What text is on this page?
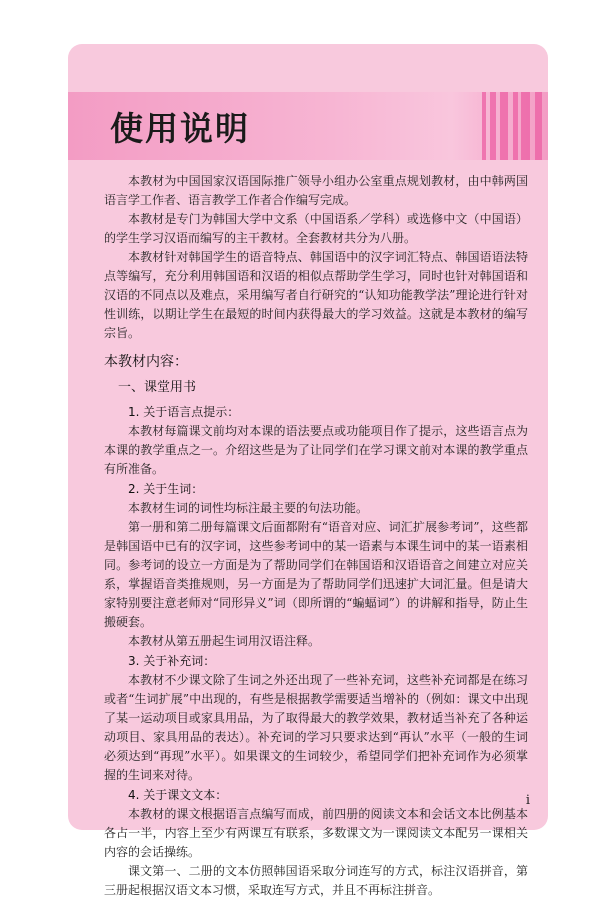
使用说明

本教材为中国国家汉语国际推广领导小组办公室重点规划教材，由中韩两国语言学工作者、语言教学工作者合作编写完成。

本教材是专门为韩国大学中文系（中国语系／学科）或选修中文（中国语）的学生学习汉语而编写的主干教材。全套教材共分为八册。

本教材针对韩国学生的语音特点、韩国语中的汉字词汇特点、韩国语语法特点等编写，充分利用韩国语和汉语的相似点帮助学生学习，同时也针对韩国语和汉语的不同点以及难点，采用编写者自行研究的“认知功能教学法”理论进行针对性训练，以期让学生在最短的时间内获得最大的学习效益。这就是本教材的编写宗旨。

本教材内容：
一、课堂用书
1. 关于语言点提示：

本教材每篇课文前均对本课的语法要点或功能项目作了提示，这些语言点为本课的教学重点之一。介绍这些是为了让同学们在学习课文前对本课的教学重点有所准备。

2. 关于生词：

本教材生词的词性均标注最主要的句法功能。

第一册和第二册每篇课文后面都附有“语音对应、词汇扩展参考词”，这些都是韩国语中已有的汉字词，这些参考词中的某一语素与本课生词中的某一语素相同。参考词的设立一方面是为了帮助同学们在韩国语和汉语语音之间建立对应关系，掌握语音类推规则，另一方面是为了帮助同学们迅速扩大词汇量。但是请大家特别要注意老师对“同形异义”词（即所谓的“蝙蝠词”）的讲解和指导，防止生搬硬套。

本教材从第五册起生词用汉语注释。

3. 关于补充词：

本教材不少课文除了生词之外还出现了一些补充词，这些补充词都是在练习或者“生词扩展”中出现的，有些是根据教学需要适当增补的（例如：课文中出现了某一运动项目或家具用品，为了取得最大的教学效果，教材适当补充了各种运动项目、家具用品的表达）。补充词的学习只要求达到“再认”水平（一般的生词必须达到“再现”水平）。如果课文的生词较少，希望同学们把补充词作为必须掌握的生词来对待。

4. 关于课文文本：

本教材的课文根据语言点编写而成，前四册的阅读文本和会话文本比例基本各占一半，内容上至少有两课互有联系，多数课文为一课阅读文本配另一课相关内容的会话操练。

课文第一、二册的文本仿照韩国语采取分词连写的方式，标注汉语拼音，第三册起根据汉语文本习惯，采取连写方式，并且不再标注拼音。

i
